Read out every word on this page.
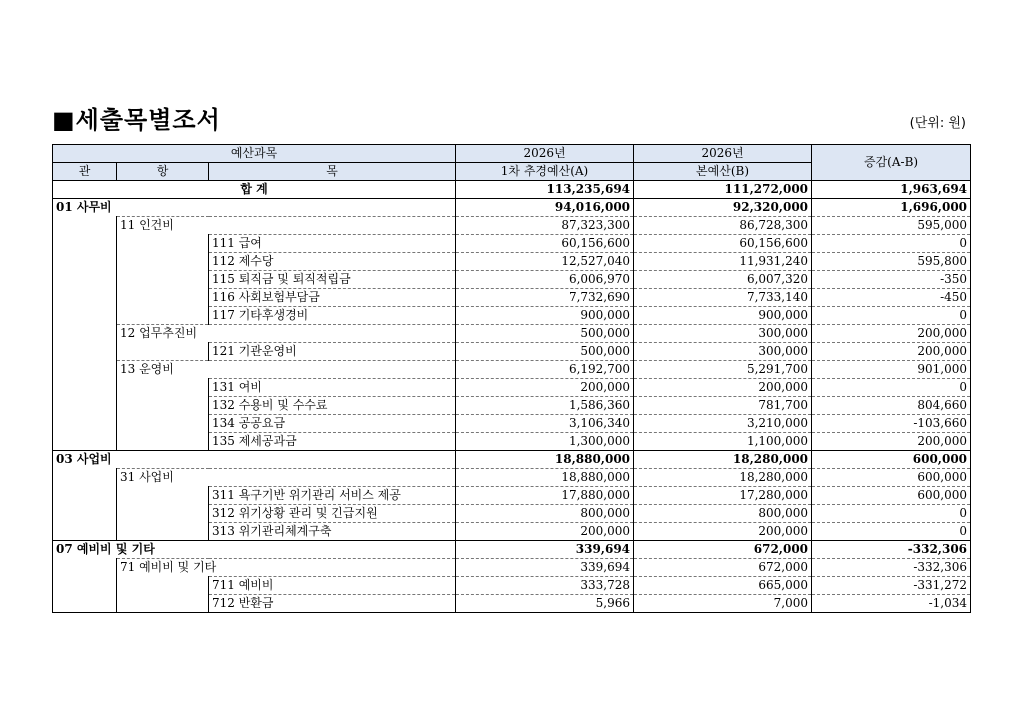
■세출목별조서	(단위: 원)
예산과목			2026년	2026년	증감(A-B)
관	항	목	1차 추경예산(A)	본예산(B)	
합 계			113,235,694	111,272,000	1,963,694
01 사무비			94,016,000	92,320,000	1,696,000
	11 인건비		87,323,300	86,728,300	595,000
		111 급여	60,156,600	60,156,600	0
		112 제수당	12,527,040	11,931,240	595,800
		115 퇴직금 및 퇴직적립금	6,006,970	6,007,320	-350
		116 사회보험부담금	7,732,690	7,733,140	-450
		117 기타후생경비	900,000	900,000	0
	12 업무추진비		500,000	300,000	200,000
		121 기관운영비	500,000	300,000	200,000
	13 운영비		6,192,700	5,291,700	901,000
		131 여비	200,000	200,000	0
		132 수용비 및 수수료	1,586,360	781,700	804,660
		134 공공요금	3,106,340	3,210,000	-103,660
		135 제세공과금	1,300,000	1,100,000	200,000
03 사업비			18,880,000	18,280,000	600,000
	31 사업비		18,880,000	18,280,000	600,000
		311 욕구기반 위기관리 서비스 제공	17,880,000	17,280,000	600,000
		312 위기상황 관리 및 긴급지원	800,000	800,000	0
		313 위기관리체계구축	200,000	200,000	0
07 예비비 및 기타			339,694	672,000	-332,306
	71 예비비 및 기타		339,694	672,000	-332,306
		711 예비비	333,728	665,000	-331,272
		712 반환금	5,966	7,000	-1,034
